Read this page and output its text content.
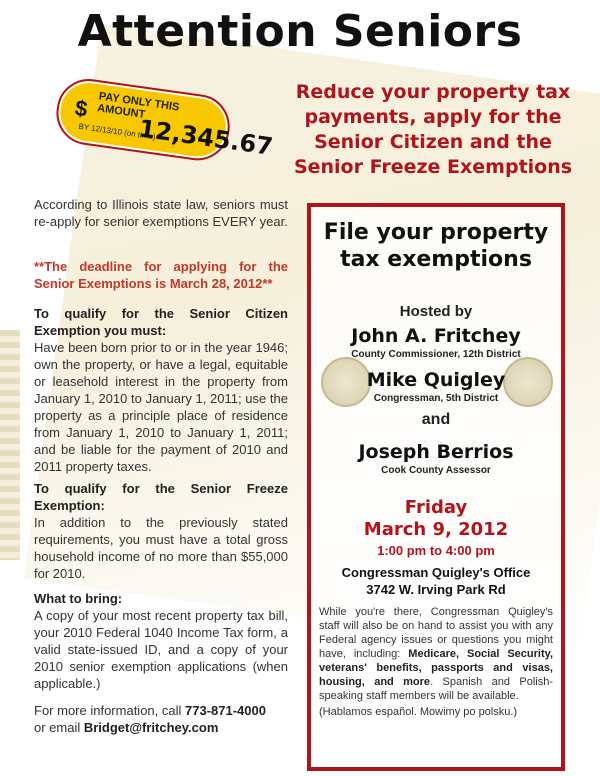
Attention Seniors
PAY ONLY THIS AMOUNT
$
BY 12/13/10 (on time)
12,345.67
Reduce your property tax payments, apply for the Senior Citizen and the Senior Freeze Exemptions
According to Illinois state law, seniors must re-apply for senior exemptions EVERY year.
**The deadline for applying for the Senior Exemptions is March 28, 2012**
To qualify for the Senior Citizen Exemption you must:
Have been born prior to or in the year 1946; own the property, or have a legal, equitable or leasehold interest in the property from January 1, 2010 to January 1, 2011; use the property as a principle place of residence from January 1, 2010 to January 1, 2011; and be liable for the payment of 2010 and 2011 property taxes.
To qualify for the Senior Freeze Exemption:
In addition to the previously stated requirements, you must have a total gross household income of no more than $55,000 for 2010.
What to bring:
A copy of your most recent property tax bill, your 2010 Federal 1040 Income Tax form, a valid state-issued ID, and a copy of your 2010 senior exemption applications (when applicable.)
For more information, call 773-871-4000
or email Bridget@fritchey.com
File your property tax exemptions
Hosted by
John A. Fritchey
County Commissioner, 12th District
Mike Quigley
Congressman, 5th District
and
Joseph Berrios
Cook County Assessor
Friday
March 9, 2012
1:00 pm to 4:00 pm
Congressman Quigley's Office
3742 W. Irving Park Rd
While you're there, Congressman Quigley's staff will also be on hand to assist you with any Federal agency issues or questions you might have, including: Medicare, Social Security, veterans' benefits, passports and visas, housing, and more. Spanish and Polish-speaking staff members will be available.
(Hablamos español. Mowimy po polsku.)
